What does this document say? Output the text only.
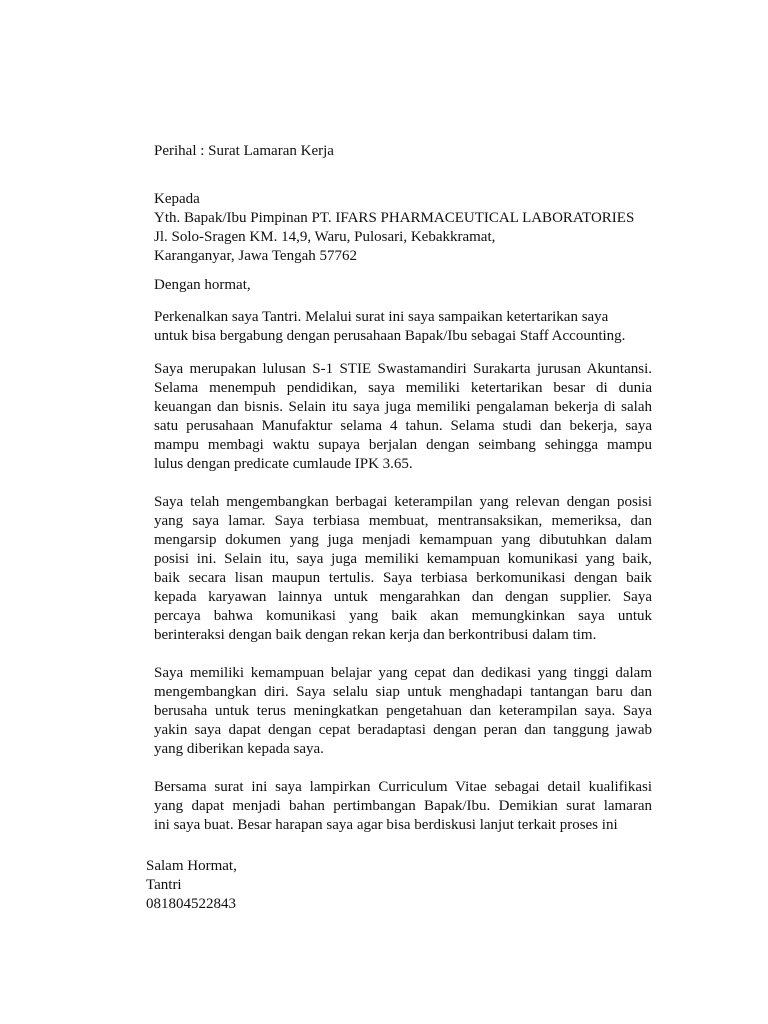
Perihal : Surat Lamaran Kerja
Kepada
Yth. Bapak/Ibu Pimpinan PT. IFARS PHARMACEUTICAL LABORATORIES
Jl. Solo-Sragen KM. 14,9, Waru, Pulosari, Kebakkramat,
Karanganyar, Jawa Tengah 57762
Dengan hormat,
Perkenalkan saya Tantri. Melalui surat ini saya sampaikan ketertarikan saya
untuk bisa bergabung dengan perusahaan Bapak/Ibu sebagai Staff Accounting.
Saya merupakan lulusan S-1 STIE Swastamandiri Surakarta jurusan Akuntansi.
Selama menempuh pendidikan, saya memiliki ketertarikan besar di dunia
keuangan dan bisnis. Selain itu saya juga memiliki pengalaman bekerja di salah
satu perusahaan Manufaktur selama 4 tahun. Selama studi dan bekerja, saya
mampu membagi waktu supaya berjalan dengan seimbang sehingga mampu
lulus dengan predicate cumlaude IPK 3.65.
Saya telah mengembangkan berbagai keterampilan yang relevan dengan posisi
yang saya lamar. Saya terbiasa membuat, mentransaksikan, memeriksa, dan
mengarsip dokumen yang juga menjadi kemampuan yang dibutuhkan dalam
posisi ini. Selain itu, saya juga memiliki kemampuan komunikasi yang baik,
baik secara lisan maupun tertulis. Saya terbiasa berkomunikasi dengan baik
kepada karyawan lainnya untuk mengarahkan dan dengan supplier. Saya
percaya bahwa komunikasi yang baik akan memungkinkan saya untuk
berinteraksi dengan baik dengan rekan kerja dan berkontribusi dalam tim.
Saya memiliki kemampuan belajar yang cepat dan dedikasi yang tinggi dalam
mengembangkan diri. Saya selalu siap untuk menghadapi tantangan baru dan
berusaha untuk terus meningkatkan pengetahuan dan keterampilan saya. Saya
yakin saya dapat dengan cepat beradaptasi dengan peran dan tanggung jawab
yang diberikan kepada saya.
Bersama surat ini saya lampirkan Curriculum Vitae sebagai detail kualifikasi
yang dapat menjadi bahan pertimbangan Bapak/Ibu. Demikian surat lamaran
ini saya buat. Besar harapan saya agar bisa berdiskusi lanjut terkait proses ini
Salam Hormat,
Tantri
081804522843
